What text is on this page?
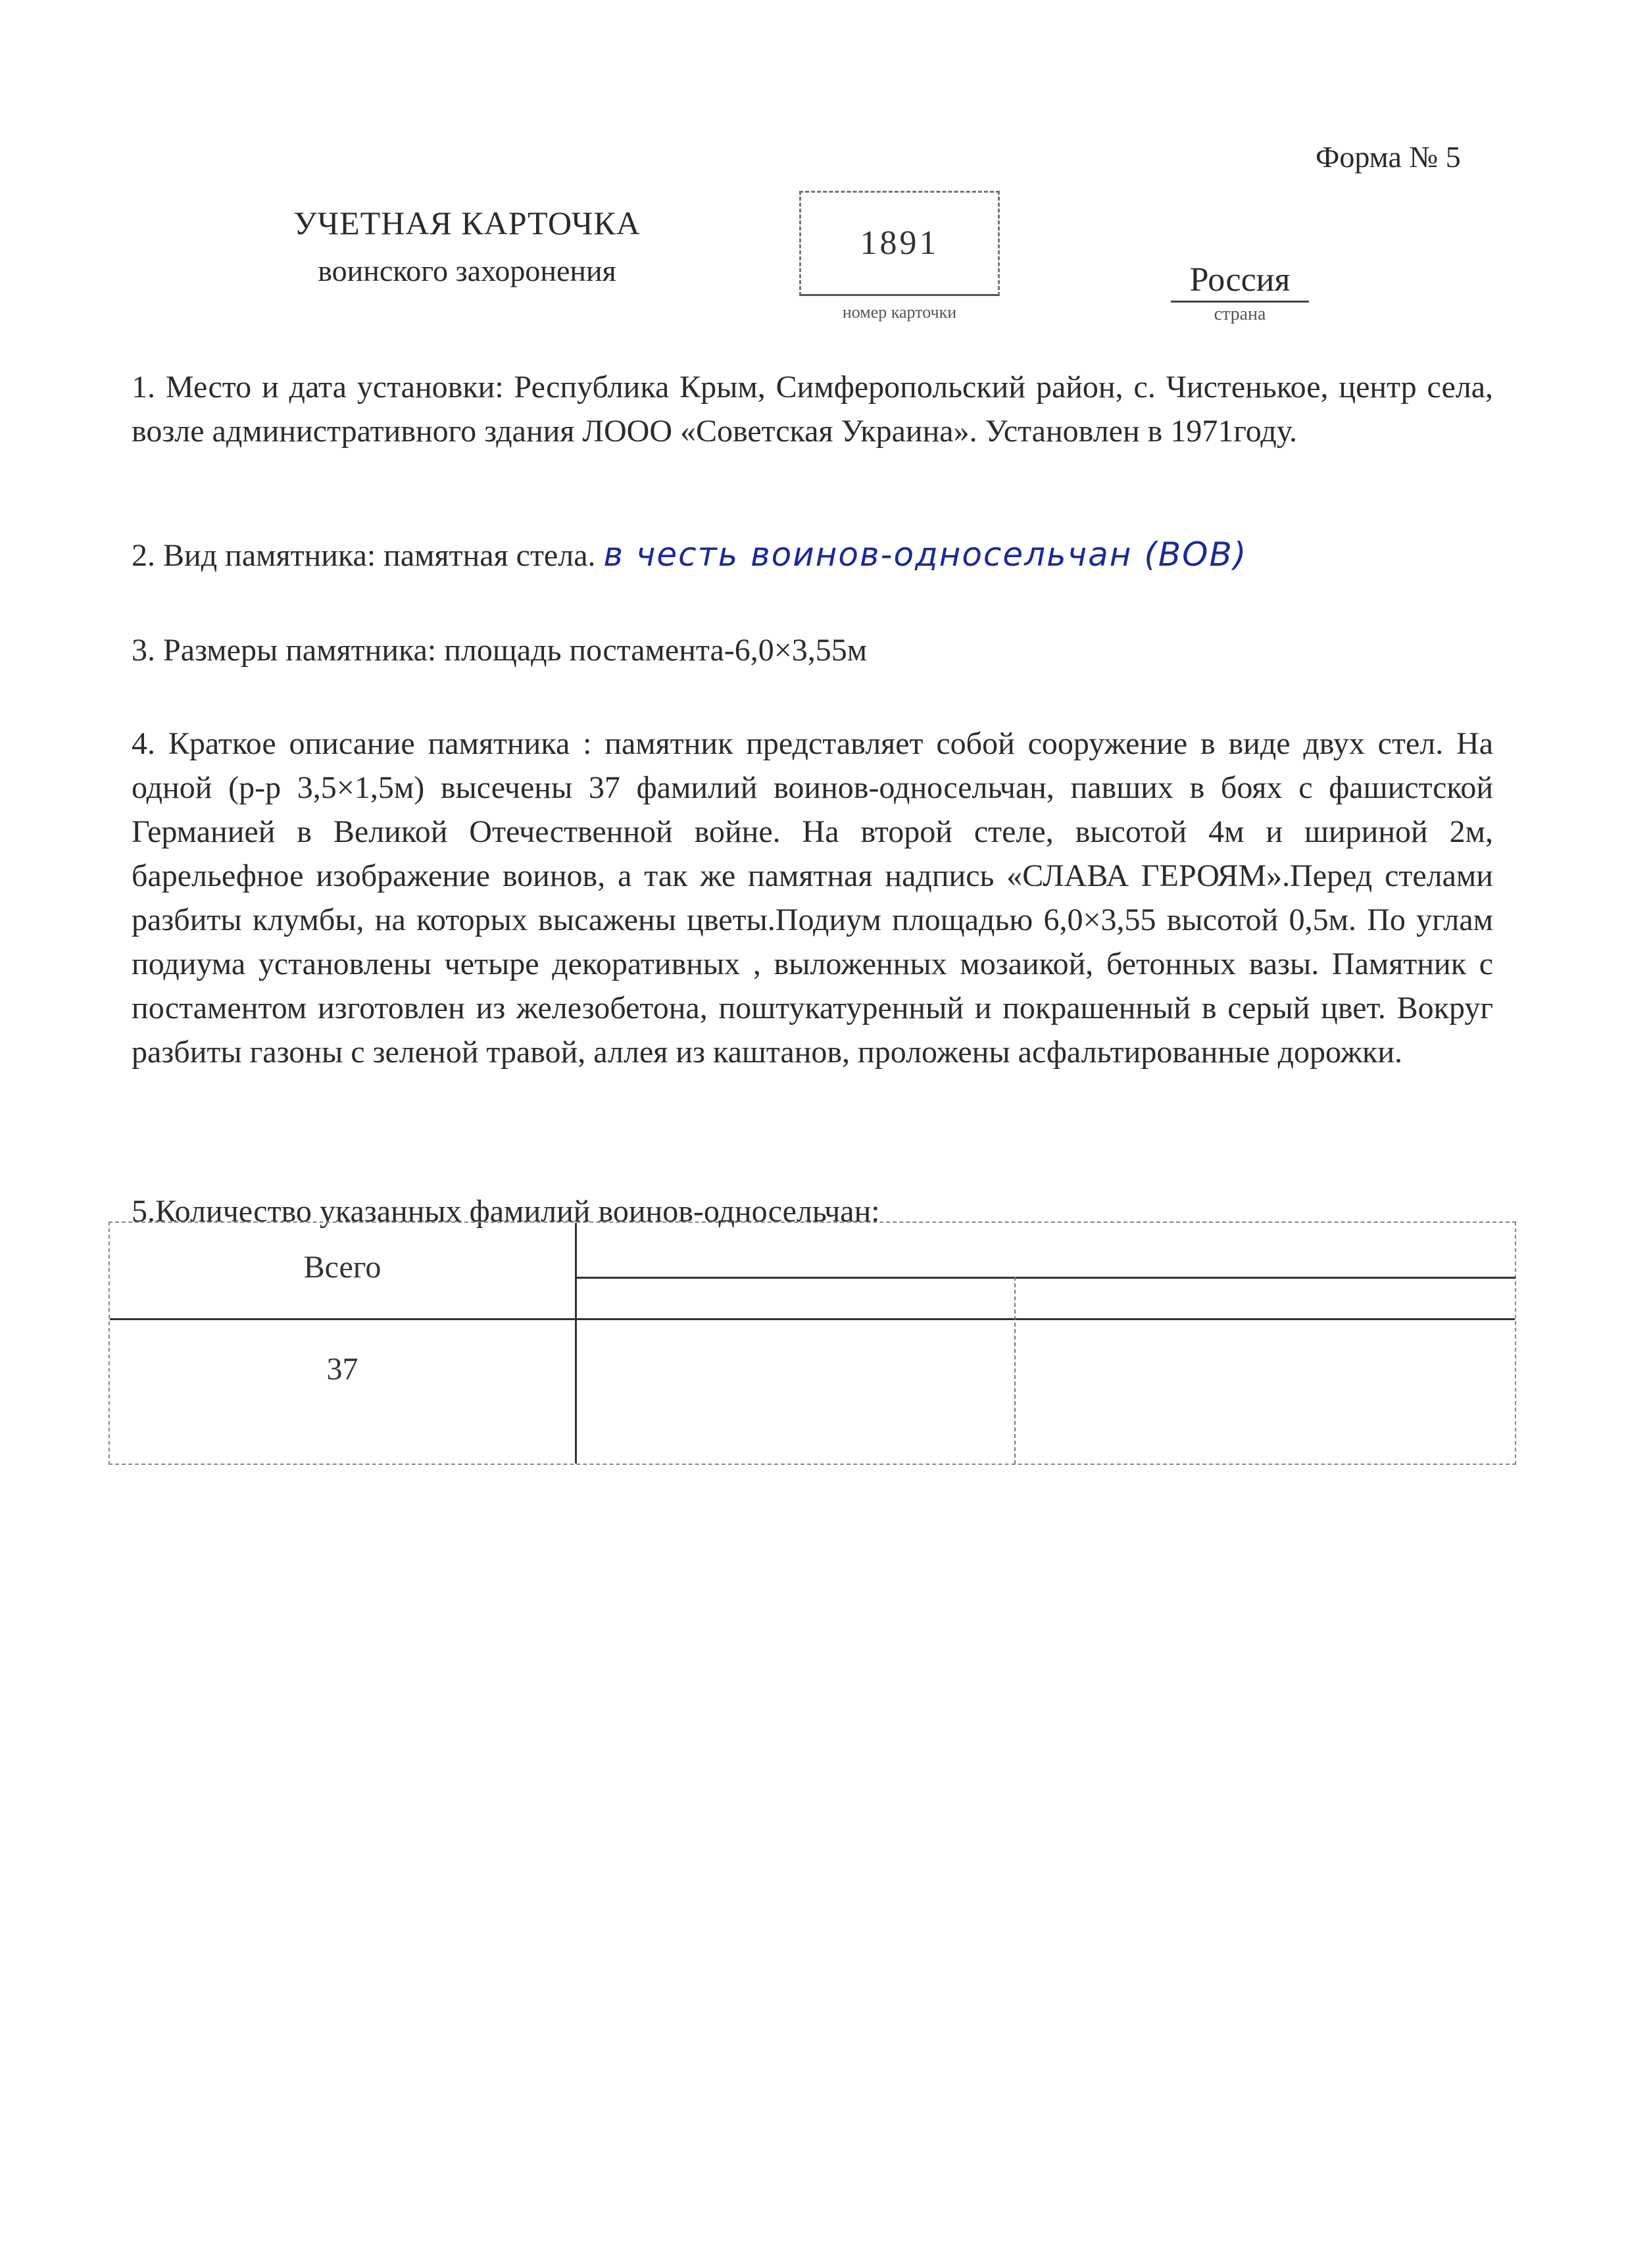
Форма № 5
УЧЕТНАЯ КАРТОЧКА
воинского захоронения
1891
номер карточки
Россия
страна
1. Место и дата установки: Республика Крым, Симферопольский район, с. Чистенькое, центр села, возле административного здания ЛООО «Советская Украина». Установлен в 1971году.
2. Вид памятника: памятная стела. в честь воинов-односельчан (ВОВ)
3. Размеры памятника: площадь постамента-6,0×3,55м
4. Краткое описание памятника : памятник представляет собой сооружение в виде двух стел. На одной (р-р 3,5×1,5м) высечены 37 фамилий воинов-односельчан, павших в боях с фашистской Германией в Великой Отечественной войне. На второй стеле, высотой 4м и шириной 2м, барельефное изображение воинов, а так же памятная надпись «СЛАВА ГЕРОЯМ».Перед стелами разбиты клумбы, на которых высажены цветы.Подиум площадью 6,0×3,55 высотой 0,5м. По углам подиума установлены четыре декоративных , выложенных мозаикой, бетонных вазы. Памятник с постаментом изготовлен из железобетона, поштукатуренный и покрашенный в серый цвет. Вокруг разбиты газоны с зеленой травой, аллея из каштанов, проложены асфальтированные дорожки.
5.Количество указанных фамилий воинов-односельчан:
Всего
37
